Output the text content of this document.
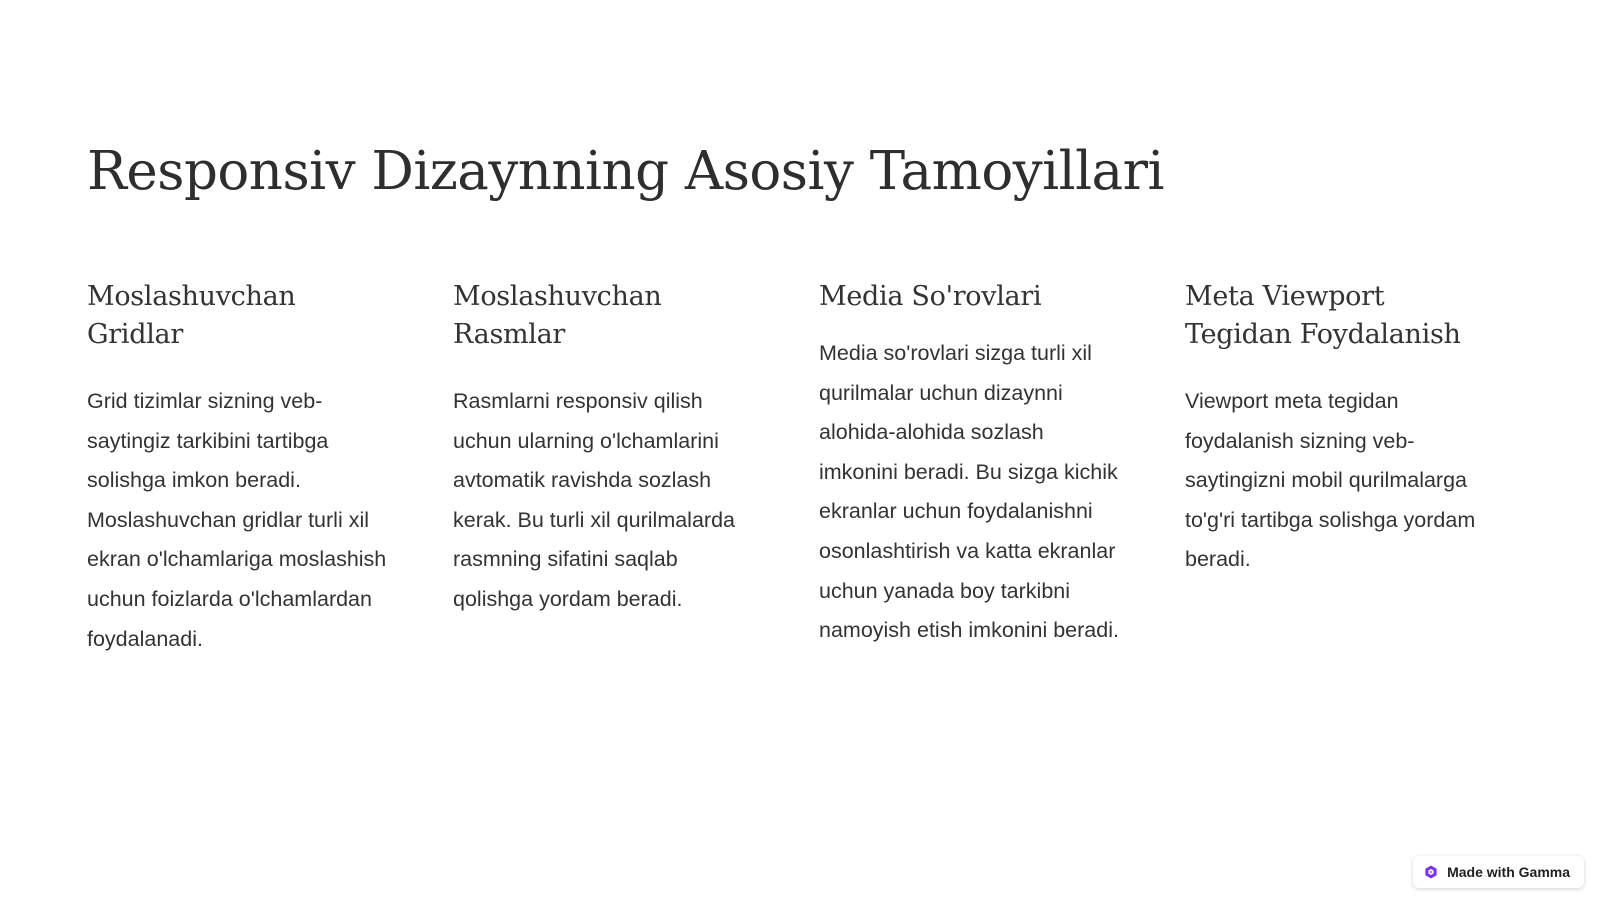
Responsiv Dizaynning Asosiy Tamoyillari
Moslashuvchan Gridlar

Grid tizimlar sizning veb-saytingiz tarkibini tartibga solishga imkon beradi. Moslashuvchan gridlar turli xil ekran o'lchamlariga moslashish uchun foizlarda o'lchamlardan foydalanadi.

Moslashuvchan Rasmlar

Rasmlarni responsiv qilish uchun ularning o'lchamlarini avtomatik ravishda sozlash kerak. Bu turli xil qurilmalarda rasmning sifatini saqlab qolishga yordam beradi.

Media So'rovlari

Media so'rovlari sizga turli xil qurilmalar uchun dizaynni alohida-alohida sozlash imkonini beradi. Bu sizga kichik ekranlar uchun foydalanishni osonlashtirish va katta ekranlar uchun yanada boy tarkibni namoyish etish imkonini beradi.

Meta Viewport Tegidan Foydalanish

Viewport meta tegidan foydalanish sizning veb-saytingizni mobil qurilmalarga to'g'ri tartibga solishga yordam beradi.

Made with Gamma
